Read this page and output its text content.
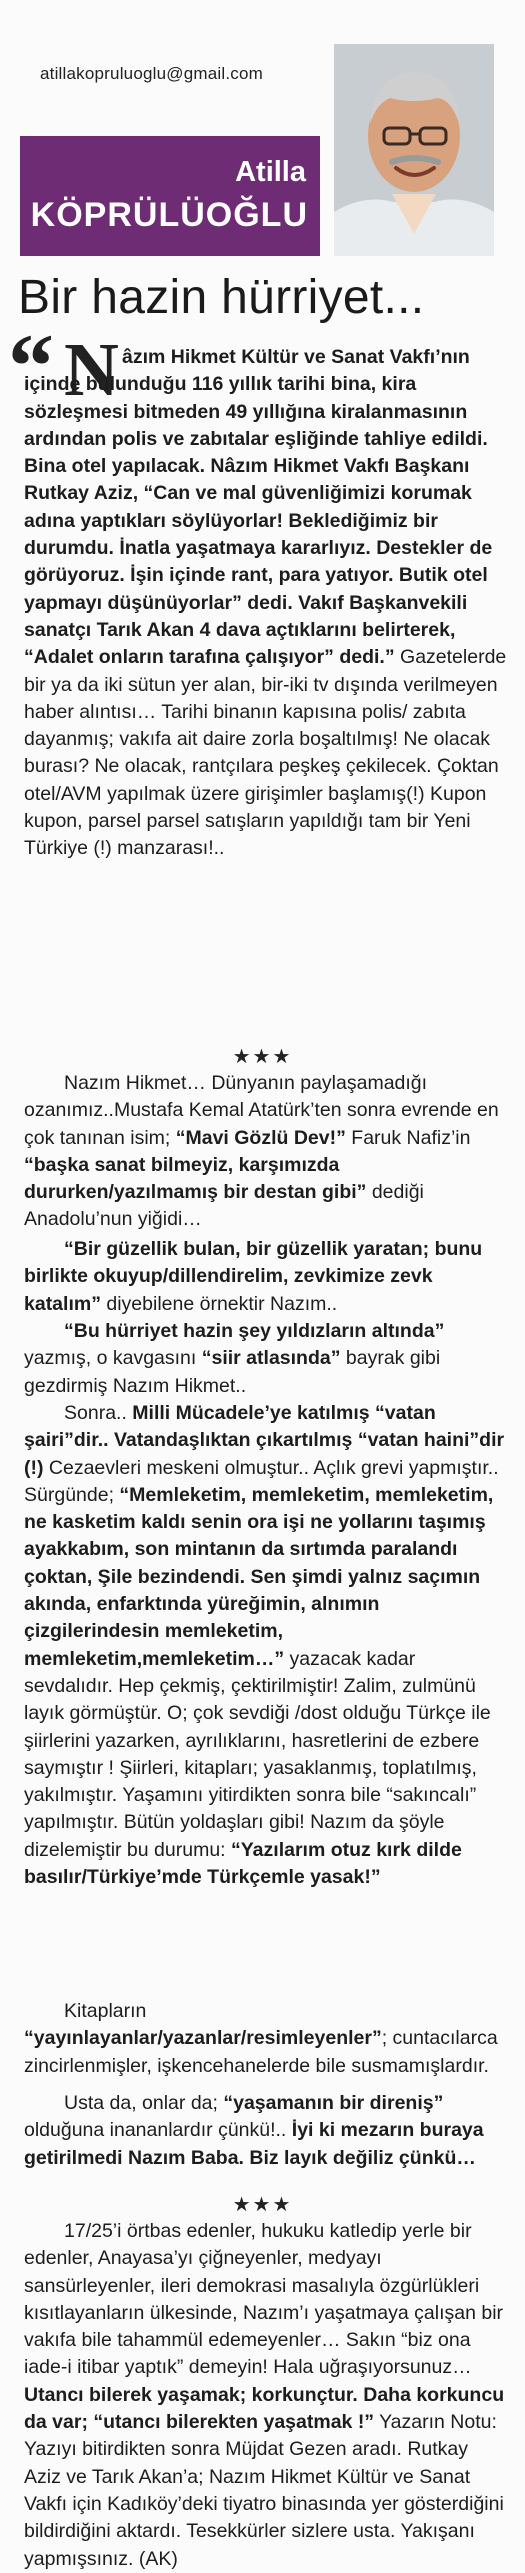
atillakopruluoglu@gmail.com
Atilla
KÖPRÜLÜOĞLU
Bir hazin hürriyet...
“ N âzım Hikmet Kültür ve Sanat Vakfı’nın içinde bulunduğu 116 yıllık tarihi bina, kira sözleşmesi bitmeden 49 yıllığına kiralanmasının ardından polis ve zabıtalar eşliğinde tahliye edildi. Bina otel yapılacak. Nâzım Hikmet Vakfı Başkanı Rutkay Aziz, “Can ve mal güvenliğimizi korumak adına yaptıkları söylüyorlar! Beklediğimiz bir durumdu. İnatla yaşatmaya kararlıyız. Destekler de görüyoruz. İşin içinde rant, para yatıyor. Butik otel yapmayı düşünüyorlar” dedi. Vakıf Başkanvekili sanatçı Tarık Akan 4 dava açtıklarını belirterek, “Adalet onların tarafına çalışıyor” dedi.” Gazetelerde bir ya da iki sütun yer alan, bir-iki tv dışında verilmeyen haber alıntısı… Tarihi binanın kapısına polis/ zabıta dayanmış; vakıfa ait daire zorla boşaltılmış! Ne olacak burası? Ne olacak, rantçılara peşkeş çekilecek. Çoktan otel/AVM yapılmak üzere girişimler başlamış(!) Kupon kupon, parsel parsel satışların yapıldığı tam bir Yeni Türkiye (!) manzarası!..

★★★

Nazım Hikmet… Dünyanın paylaşamadığı ozanımız..Mustafa Kemal Atatürk’ten sonra evrende en çok tanınan isim; “Mavi Gözlü Dev!” Faruk Nafiz’in “başka sanat bilmeyiz, karşımızda dururken/yazılmamış bir destan gibi” dediği Anadolu’nun yiğidi…

“Bir güzellik bulan, bir güzellik yaratan; bunu birlikte okuyup/dillendirelim, zevkimize zevk katalım” diyebilene örnektir Nazım..

“Bu hürriyet hazin şey yıldızların altında” yazmış, o kavgasını “siir atlasında” bayrak gibi gezdirmiş Nazım Hikmet..

Sonra.. Milli Mücadele’ye katılmış “vatan şairi”dir.. Vatandaşlıktan çıkartılmış “vatan haini”dir (!) Cezaevleri meskeni olmuştur.. Açlık grevi yapmıştır.. Sürgünde; “Memleketim, memleketim, memleketim, ne kasketim kaldı senin ora işi ne yollarını taşımış ayakkabım, son mintanın da sırtımda paralandı çoktan, Şile bezindendi. Sen şimdi yalnız saçımın akında, enfarktında yüreğimin, alnımın çizgilerindesin memleketim, memleketim,memleketim…” yazacak kadar sevdalıdır. Hep çekmiş, çektirilmiştir! Zalim, zulmünü layık görmüştür. O; çok sevdiği /dost olduğu Türkçe ile şiirlerini yazarken, ayrılıklarını, hasretlerini de ezbere saymıştır ! Şiirleri, kitapları; yasaklanmış, toplatılmış, yakılmıştır. Yaşamını yitirdikten sonra bile “sakıncalı” yapılmıştır. Bütün yoldaşları gibi! Nazım da şöyle dizelemiştir bu durumu: “Yazılarım otuz kırk dilde basılır/Türkiye’mde Türkçemle yasak!”

Kitapların “yayınlayanlar/yazanlar/resimleyenler”; cuntacılarca zincirlenmişler, işkencehanelerde bile susmamışlardır.

Usta da, onlar da; “yaşamanın bir direniş” olduğuna inananlardır çünkü!.. İyi ki mezarın buraya getirilmedi Nazım Baba. Biz layık değiliz çünkü…

★★★

17/25’i örtbas edenler, hukuku katledip yerle bir edenler, Anayasa’yı çiğneyenler, medyayı sansürleyenler, ileri demokrasi masalıyla özgürlükleri kısıtlayanların ülkesinde, Nazım’ı yaşatmaya çalışan bir vakıfa bile tahammül edemeyenler… Sakın “biz ona iade-i itibar yaptık” demeyin! Hala uğraşıyorsunuz… Utancı bilerek yaşamak; korkunçtur. Daha korkuncu da var; “utancı bilerekten yaşatmak !” Yazarın Notu: Yazıyı bitirdikten sonra Müjdat Gezen aradı. Rutkay Aziz ve Tarık Akan’a; Nazım Hikmet Kültür ve Sanat Vakfı için Kadıköy’deki tiyatro binasında yer gösterdiğini bildirdiğini aktardı. Tesekkürler sizlere usta. Yakışanı yapmışsınız. (AK)
